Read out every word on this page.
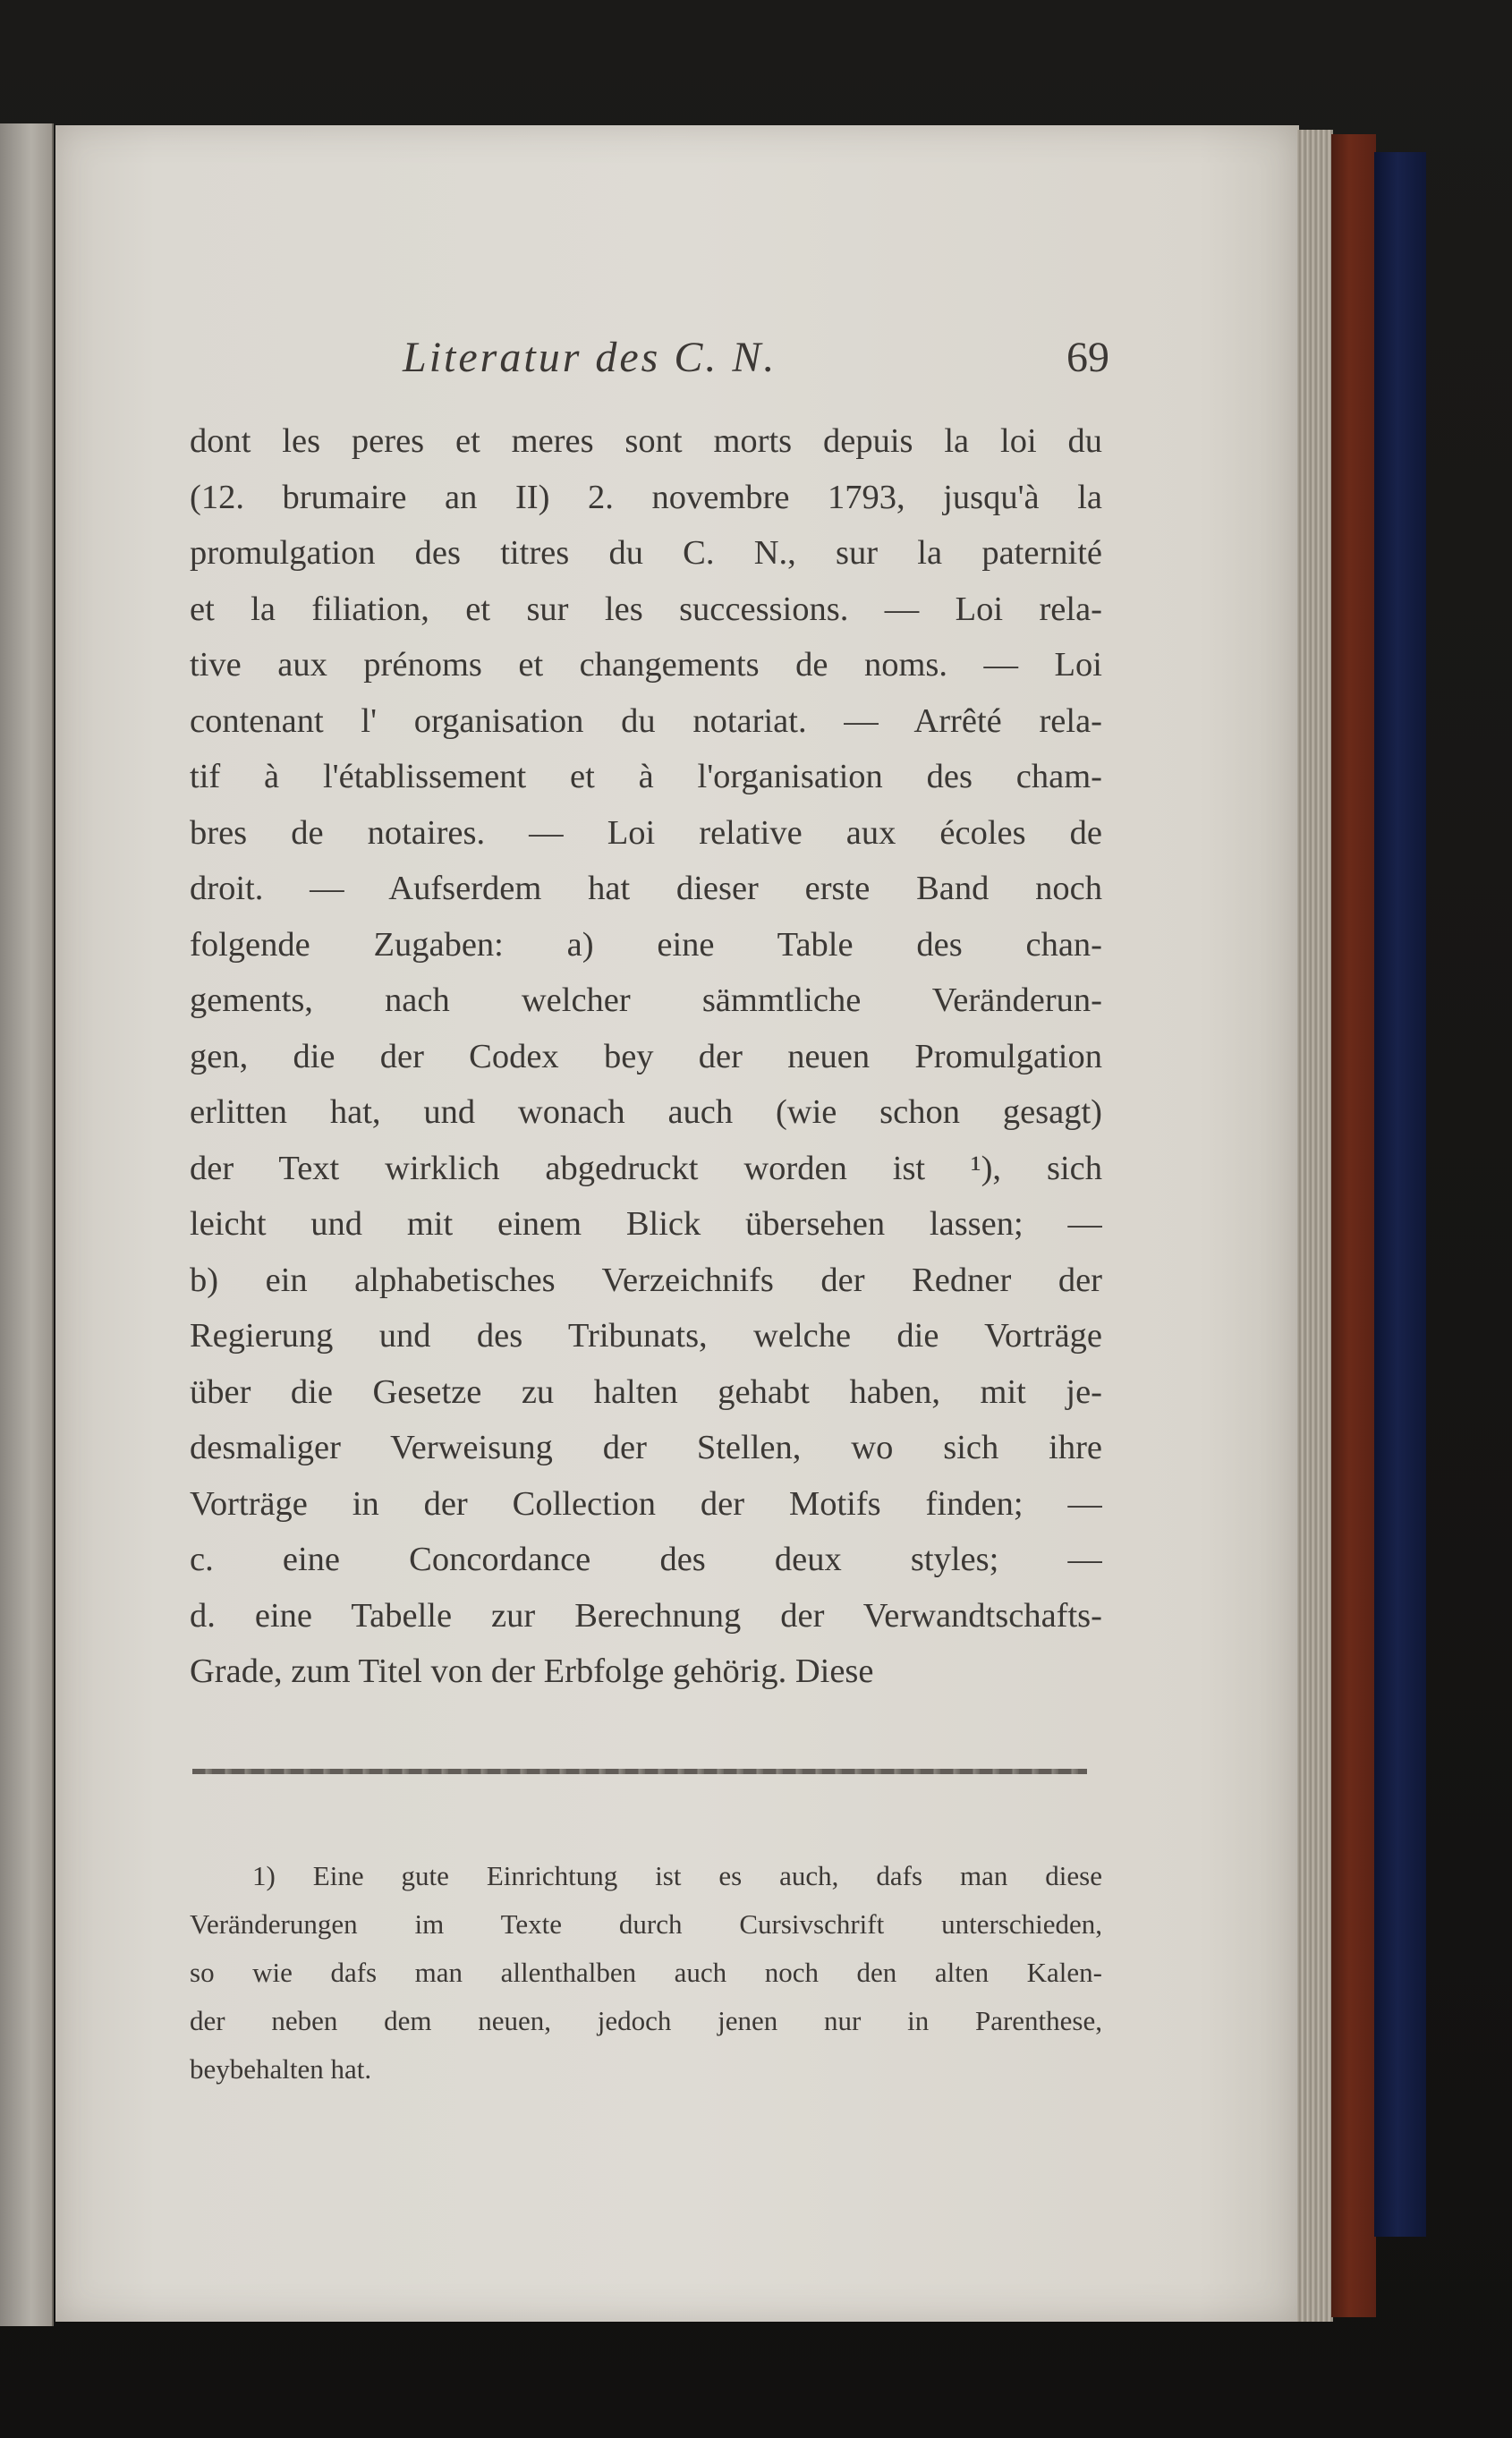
Literatur des C. N.	69
dont les peres et meres sont morts depuis la loi du
(12. brumaire an II) 2. novembre 1793, jusqu'à la
promulgation des titres du C. N., sur la paternité
et la filiation, et sur les successions. — Loi rela-
tive aux prénoms et changements de noms. — Loi
contenant l' organisation du notariat. — Arrêté rela-
tif à l'établissement et à l'organisation des cham-
bres de notaires. — Loi relative aux écoles de
droit. — Aufserdem hat dieser erste Band noch
folgende Zugaben: a) eine Table des chan-
gements, nach welcher sämmtliche Veränderun-
gen, die der Codex bey der neuen Promulgation
erlitten hat, und wonach auch (wie schon gesagt)
der Text wirklich abgedruckt worden ist ¹), sich
leicht und mit einem Blick übersehen lassen; —
b) ein alphabetisches Verzeichnifs der Redner der
Regierung und des Tribunats, welche die Vorträge
über die Gesetze zu halten gehabt haben, mit je-
desmaliger Verweisung der Stellen, wo sich ihre
Vorträge in der Collection der Motifs finden; —
c. eine Concordance des deux styles; —
d. eine Tabelle zur Berechnung der Verwandtschafts-
Grade, zum Titel von der Erbfolge gehörig. Diese
1) Eine gute Einrichtung ist es auch, dafs man diese
Veränderungen im Texte durch Cursivschrift unterschieden,
so wie dafs man allenthalben auch noch den alten Kalen-
der neben dem neuen, jedoch jenen nur in Parenthese,
beybehalten hat.
